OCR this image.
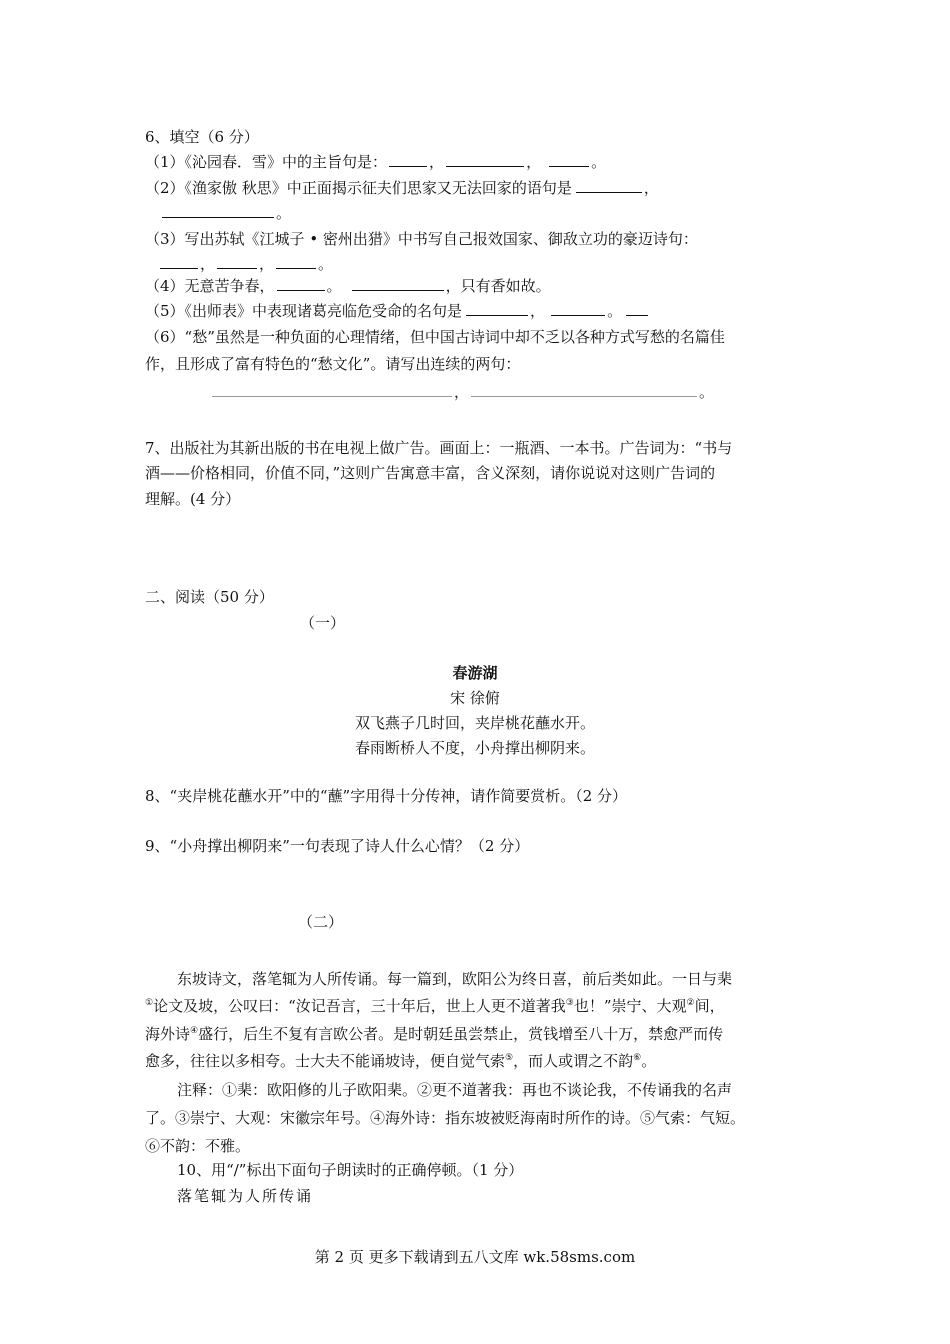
6、填空（6 分）
（1）《沁园春．雪》中的主旨句是：	，	，	。
（2）《渔家傲 秋思》中正面揭示征夫们思家又无法回家的语句是	，
。
（3）写出苏轼《江城子 • 密州出猎》中书写自己报效国家、御敌立功的豪迈诗句：
，	，	。
（4）无意苦争春，	。	，只有香如故。
（5）《出师表》中表现诸葛亮临危受命的名句是	，	。
（6）“愁”虽然是一种负面的心理情绪，但中国古诗词中却不乏以各种方式写愁的名篇佳
作，且形成了富有特色的“愁文化”。请写出连续的两句：
，	。
7、出版社为其新出版的书在电视上做广告。画面上：一瓶酒、一本书。广告词为：“书与
酒——价格相同，价值不同，”这则广告寓意丰富，含义深刻，请你说说对这则广告词的
理解。(4 分）
二、阅读（50 分）
（一）
春游湖
宋 徐俯
双飞燕子几时回，夹岸桃花蘸水开。
春雨断桥人不度，小舟撑出柳阴来。
8、“夹岸桃花蘸水开”中的“蘸”字用得十分传神，请作简要赏析。（2 分）
9、“小舟撑出柳阴来”一句表现了诗人什么心情？（2 分）
（二）
东坡诗文，落笔辄为人所传诵。每一篇到，欧阳公为终日喜，前后类如此。一日与棐
①论文及坡，公叹曰：“汝记吾言，三十年后，世上人更不道著我③也！”崇宁、大观②间，
海外诗④盛行，后生不复有言欧公者。是时朝廷虽尝禁止，赏钱增至八十万，禁愈严而传
愈多，往往以多相夸。士大夫不能诵坡诗，便自觉气索⑤，而人或谓之不韵⑥。
注释：①棐：欧阳修的儿子欧阳棐。②更不道著我：再也不谈论我，不传诵我的名声
了。③崇宁、大观：宋徽宗年号。④海外诗：指东坡被贬海南时所作的诗。⑤气索：气短。
⑥不韵：不雅。
10、用“/”标出下面句子朗读时的正确停顿。（1 分）
落笔辄为人所传诵
第 2 页 更多下载请到五八文库 wk.58sms.com
